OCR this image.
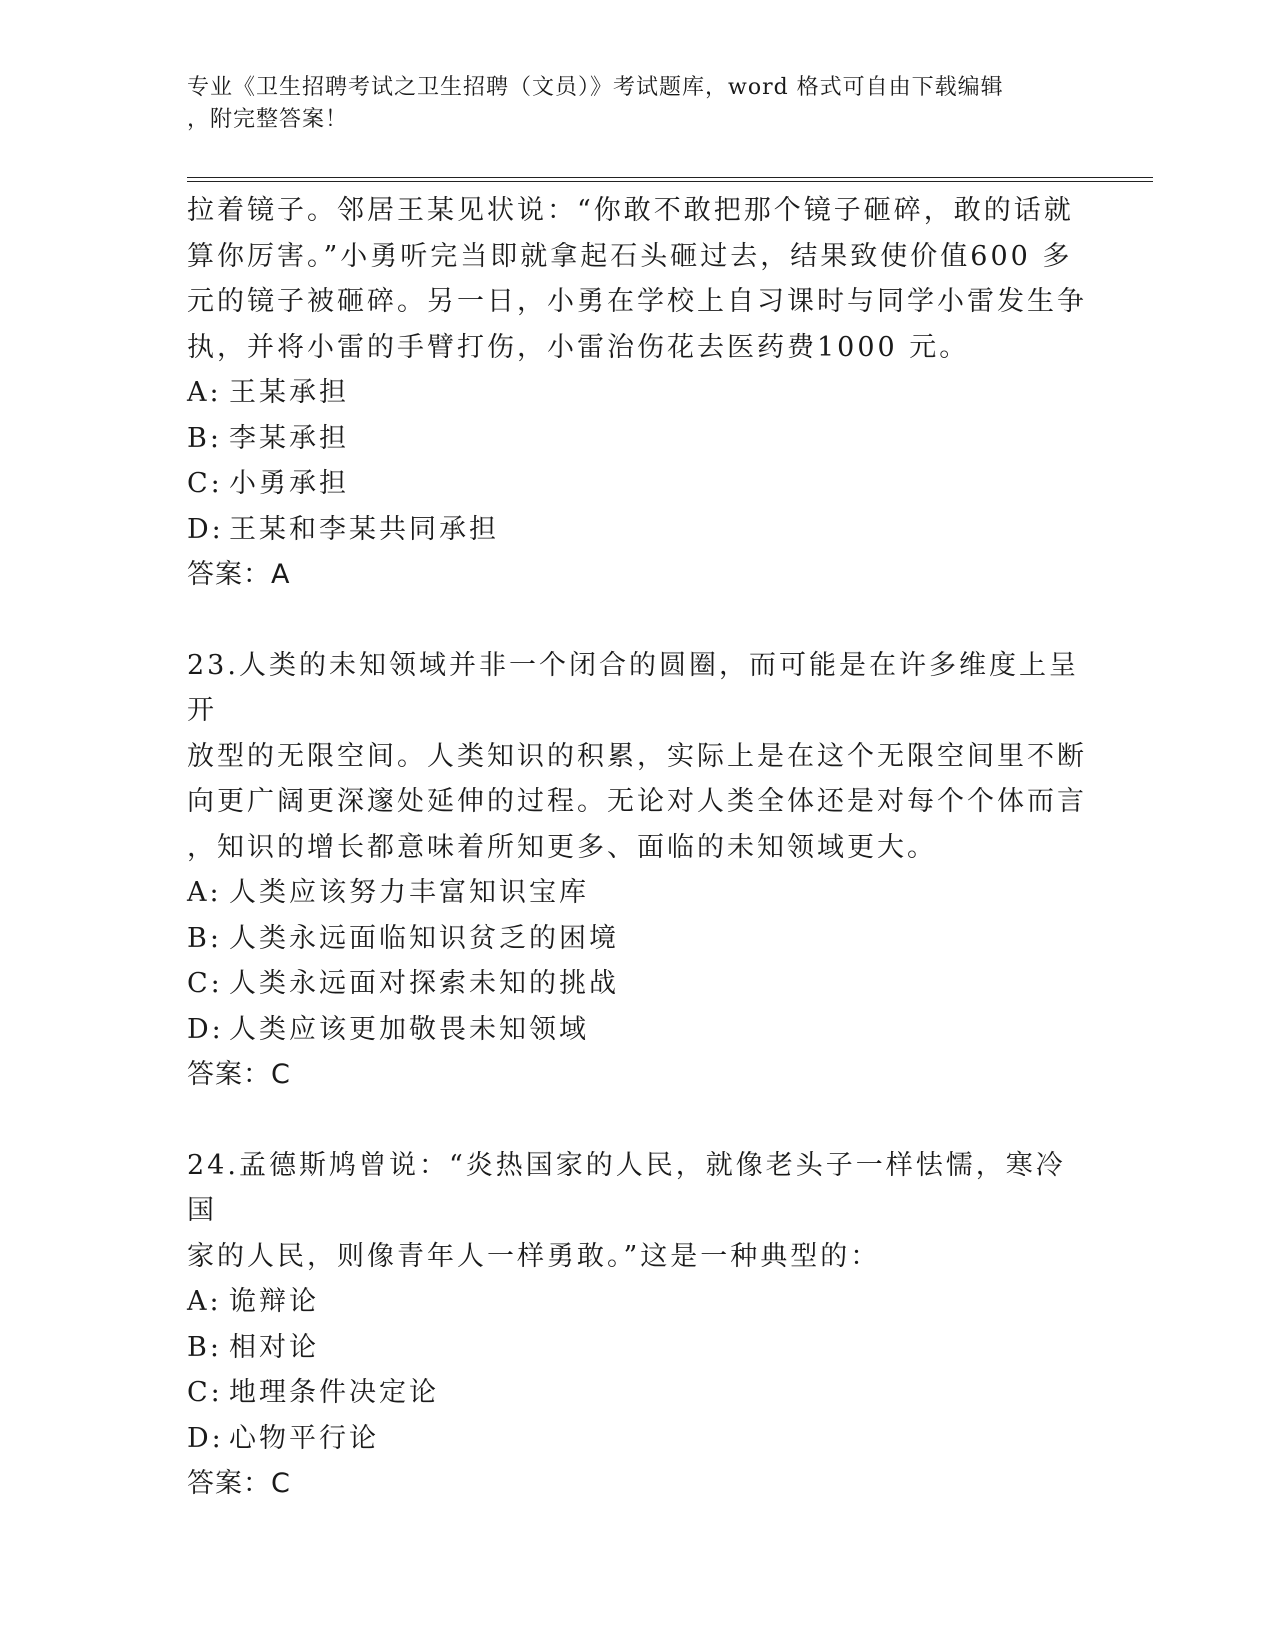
专业《卫生招聘考试之卫生招聘（文员）》考试题库，word 格式可自由下载编辑
，附完整答案！
拉着镜子。邻居王某见状说：“你敢不敢把那个镜子砸碎，敢的话就
算你厉害。”小勇听完当即就拿起石头砸过去，结果致使价值600 多
元的镜子被砸碎。另一日，小勇在学校上自习课时与同学小雷发生争
执，并将小雷的手臂打伤，小雷治伤花去医药费1000 元。
A: 王某承担
B: 李某承担
C: 小勇承担
D: 王某和李某共同承担
答案：A
23.人类的未知领域并非一个闭合的圆圈，而可能是在许多维度上呈开
放型的无限空间。人类知识的积累，实际上是在这个无限空间里不断
向更广阔更深邃处延伸的过程。无论对人类全体还是对每个个体而言
，知识的增长都意味着所知更多、面临的未知领域更大。
A: 人类应该努力丰富知识宝库
B: 人类永远面临知识贫乏的困境
C: 人类永远面对探索未知的挑战
D: 人类应该更加敬畏未知领域
答案：C
24.孟德斯鸠曾说：“炎热国家的人民，就像老头子一样怯懦，寒冷国
家的人民，则像青年人一样勇敢。”这是一种典型的：
A: 诡辩论
B: 相对论
C: 地理条件决定论
D: 心物平行论
答案：C
